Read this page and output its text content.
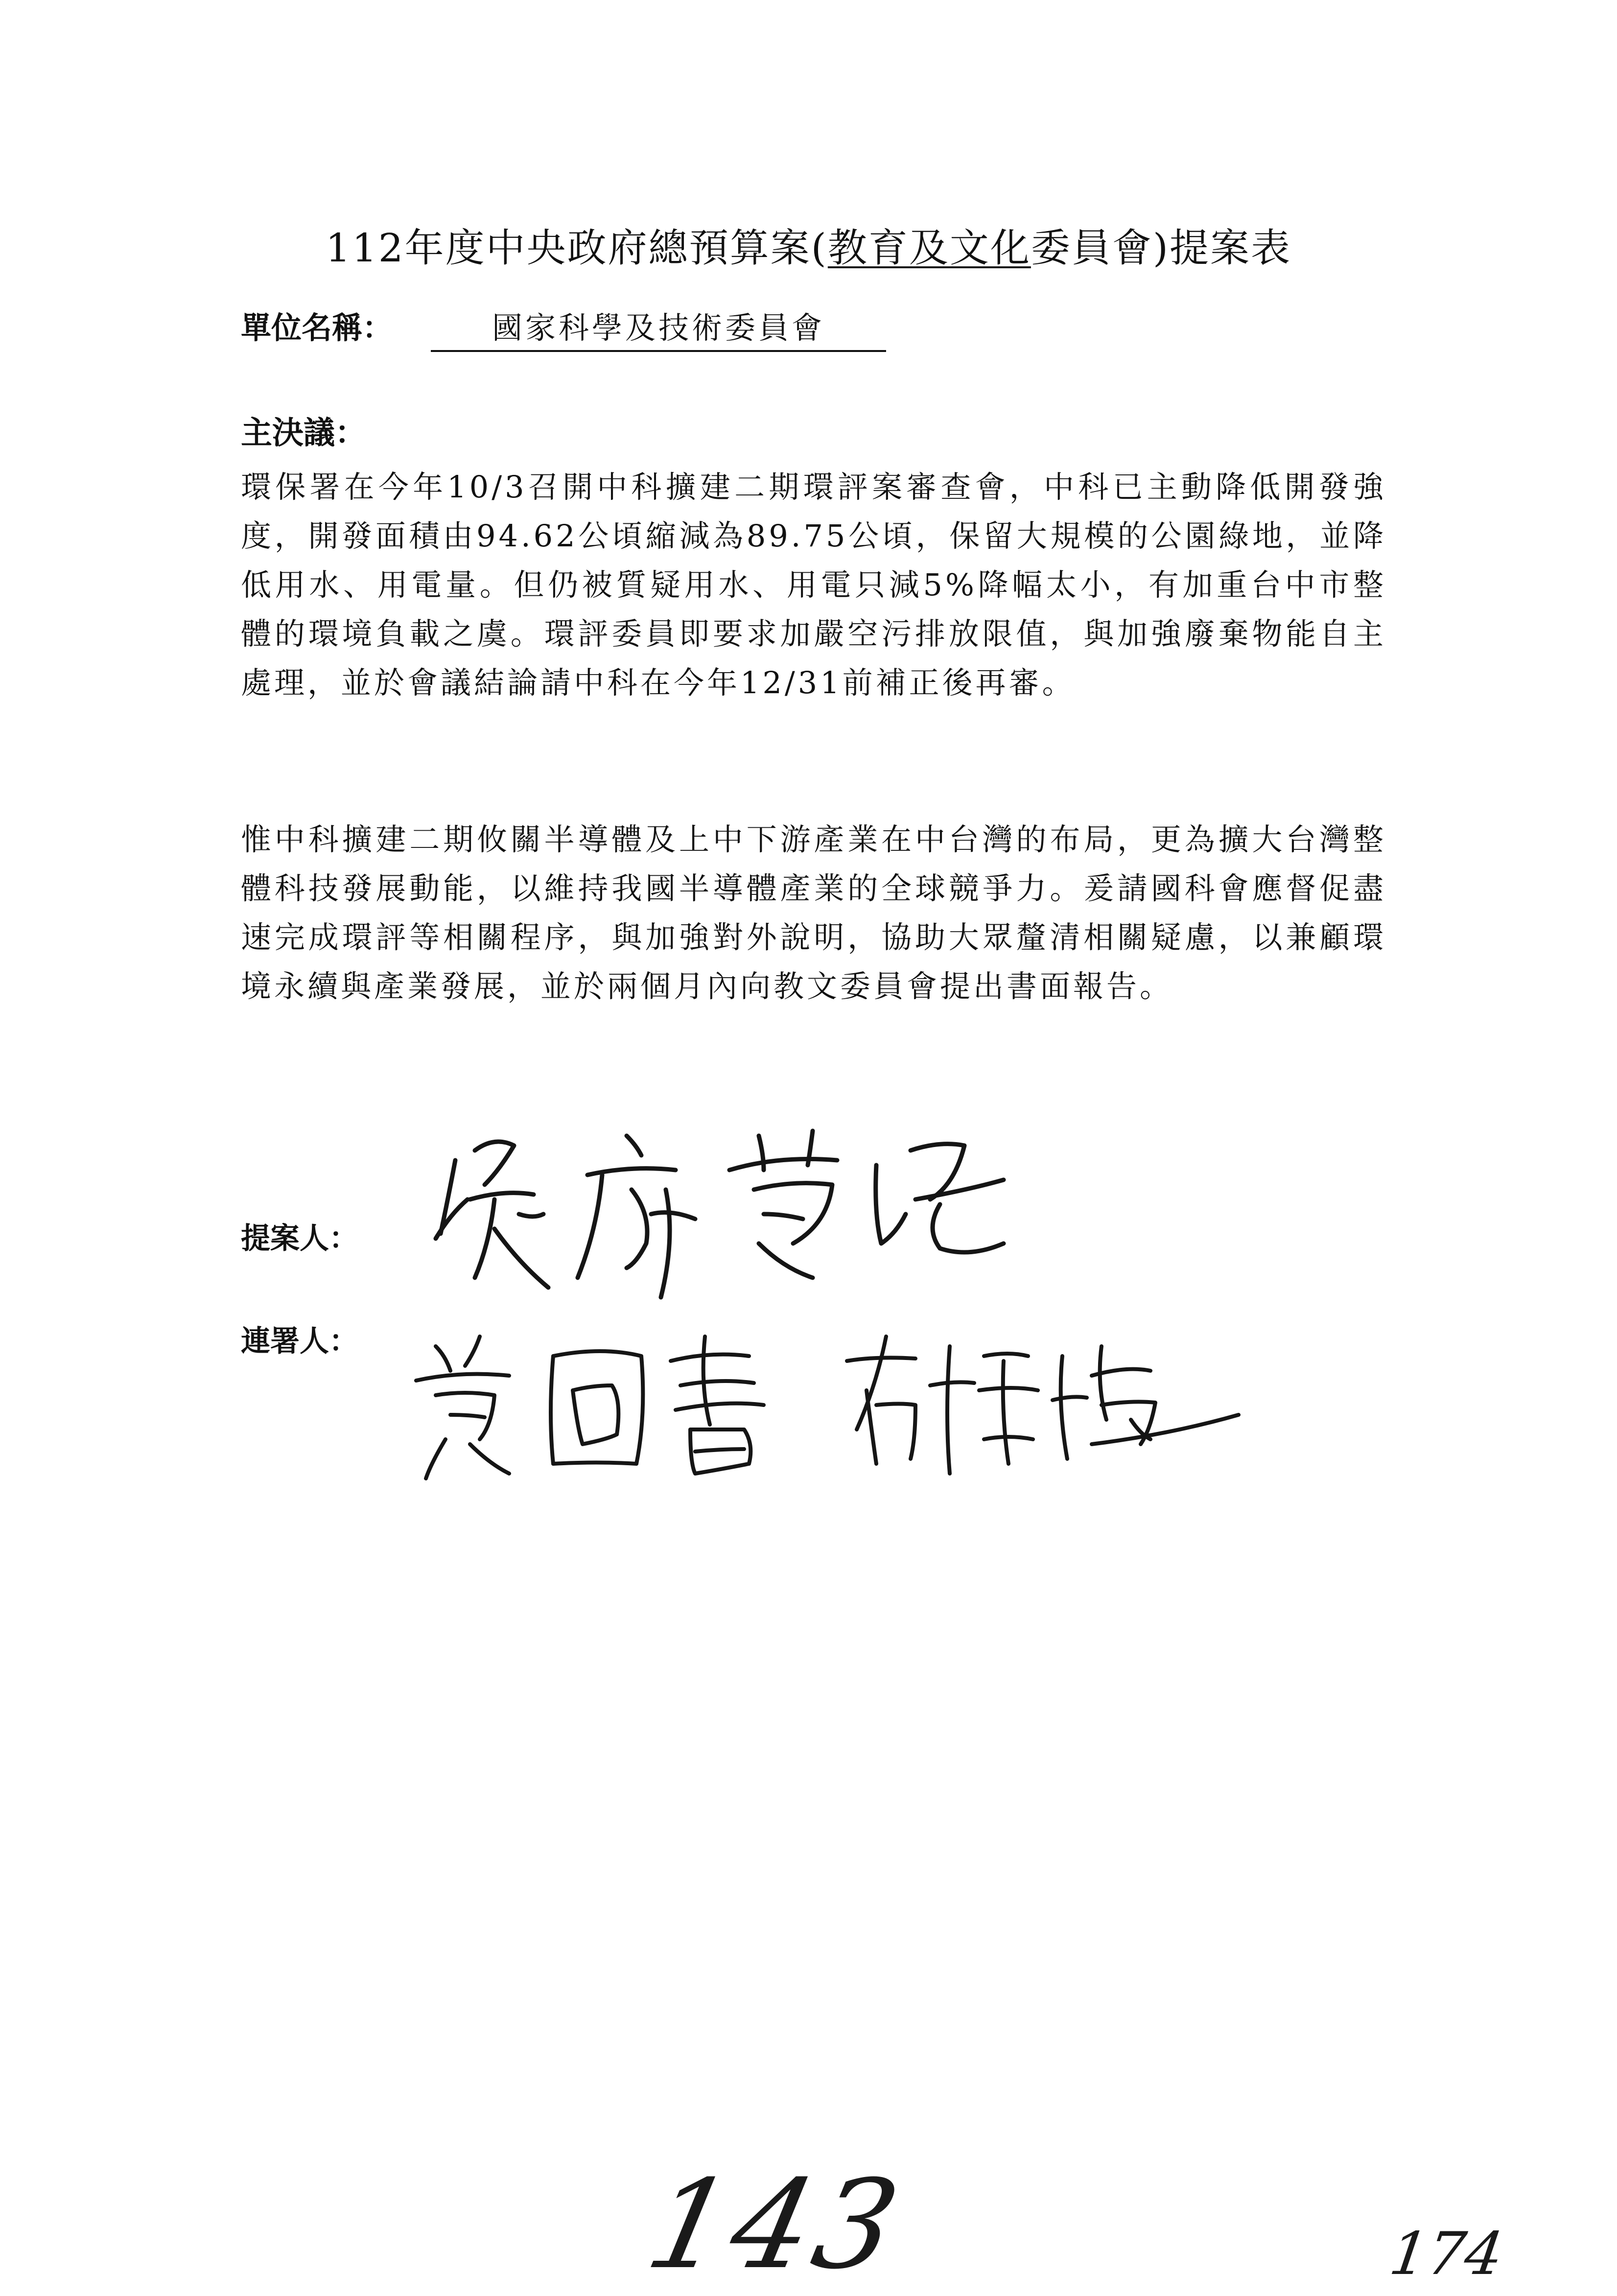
112年度中央政府總預算案(教育及文化委員會)提案表
單位名稱：	國家科學及技術委員會
主決議：

環保署在今年10/3召開中科擴建二期環評案審查會，中科已主動降低開發強度，開發面積由94.62公頃縮減為89.75公頃，保留大規模的公園綠地，並降低用水、用電量。但仍被質疑用水、用電只減5%降幅太小，有加重台中市整體的環境負載之虞。環評委員即要求加嚴空污排放限值，與加強廢棄物能自主處理，並於會議結論請中科在今年12/31前補正後再審。

惟中科擴建二期攸關半導體及上中下游產業在中台灣的布局，更為擴大台灣整體科技發展動能，以維持我國半導體產業的全球競爭力。爰請國科會應督促盡速完成環評等相關程序，與加強對外說明，協助大眾釐清相關疑慮，以兼顧環境永續與產業發展，並於兩個月內向教文委員會提出書面報告。

提案人：
連署人：
143	174
